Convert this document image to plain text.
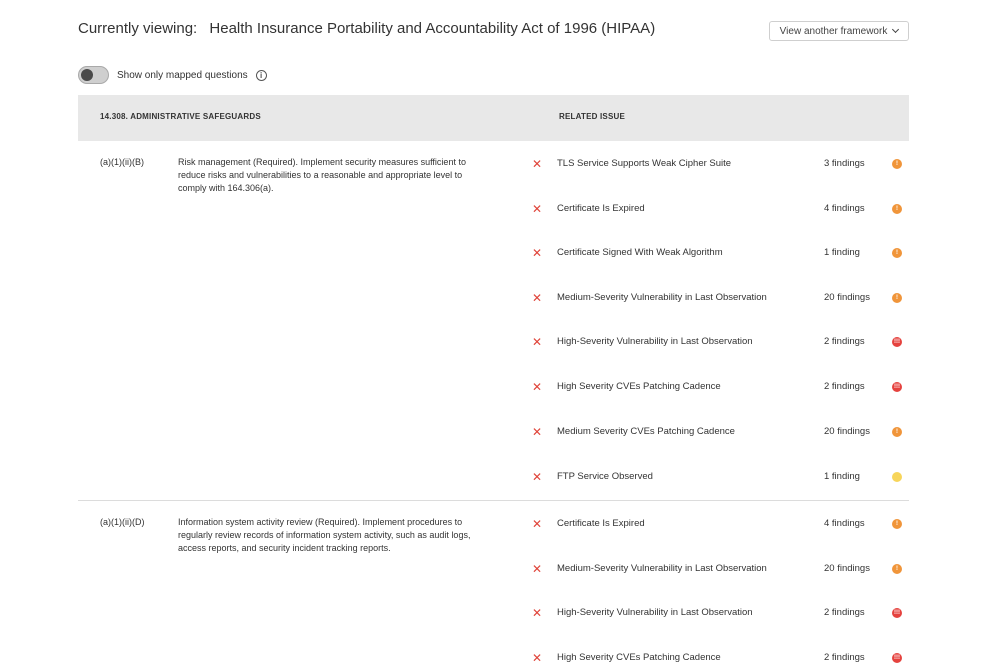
Currently viewing: Health Insurance Portability and Accountability Act of 1996 (HIPAA)	View another framework
Show only mapped questions	i
14.308. ADMINISTRATIVE SAFEGUARDS	RELATED ISSUE
(a)(1)(ii)(B)	Risk management (Required). Implement security measures sufficient to reduce risks and vulnerabilities to a reasonable and appropriate level to comply with 164.306(a).

✕ TLS Service Supports Weak Cipher Suite	3 findings	!
✕ Certificate Is Expired	4 findings	!
✕ Certificate Signed With Weak Algorithm	1 finding	!
✕ Medium-Severity Vulnerability in Last Observation	20 findings	!
✕ High-Severity Vulnerability in Last Observation	2 findings	!!!
✕ High Severity CVEs Patching Cadence	2 findings	!!!
✕ Medium Severity CVEs Patching Cadence	20 findings	!
✕ FTP Service Observed	1 finding
(a)(1)(ii)(D)	Information system activity review (Required). Implement procedures to regularly review records of information system activity, such as audit logs, access reports, and security incident tracking reports.

✕ Certificate Is Expired	4 findings	!
✕ Medium-Severity Vulnerability in Last Observation	20 findings	!
✕ High-Severity Vulnerability in Last Observation	2 findings	!!!
✕ High Severity CVEs Patching Cadence	2 findings	!!!
